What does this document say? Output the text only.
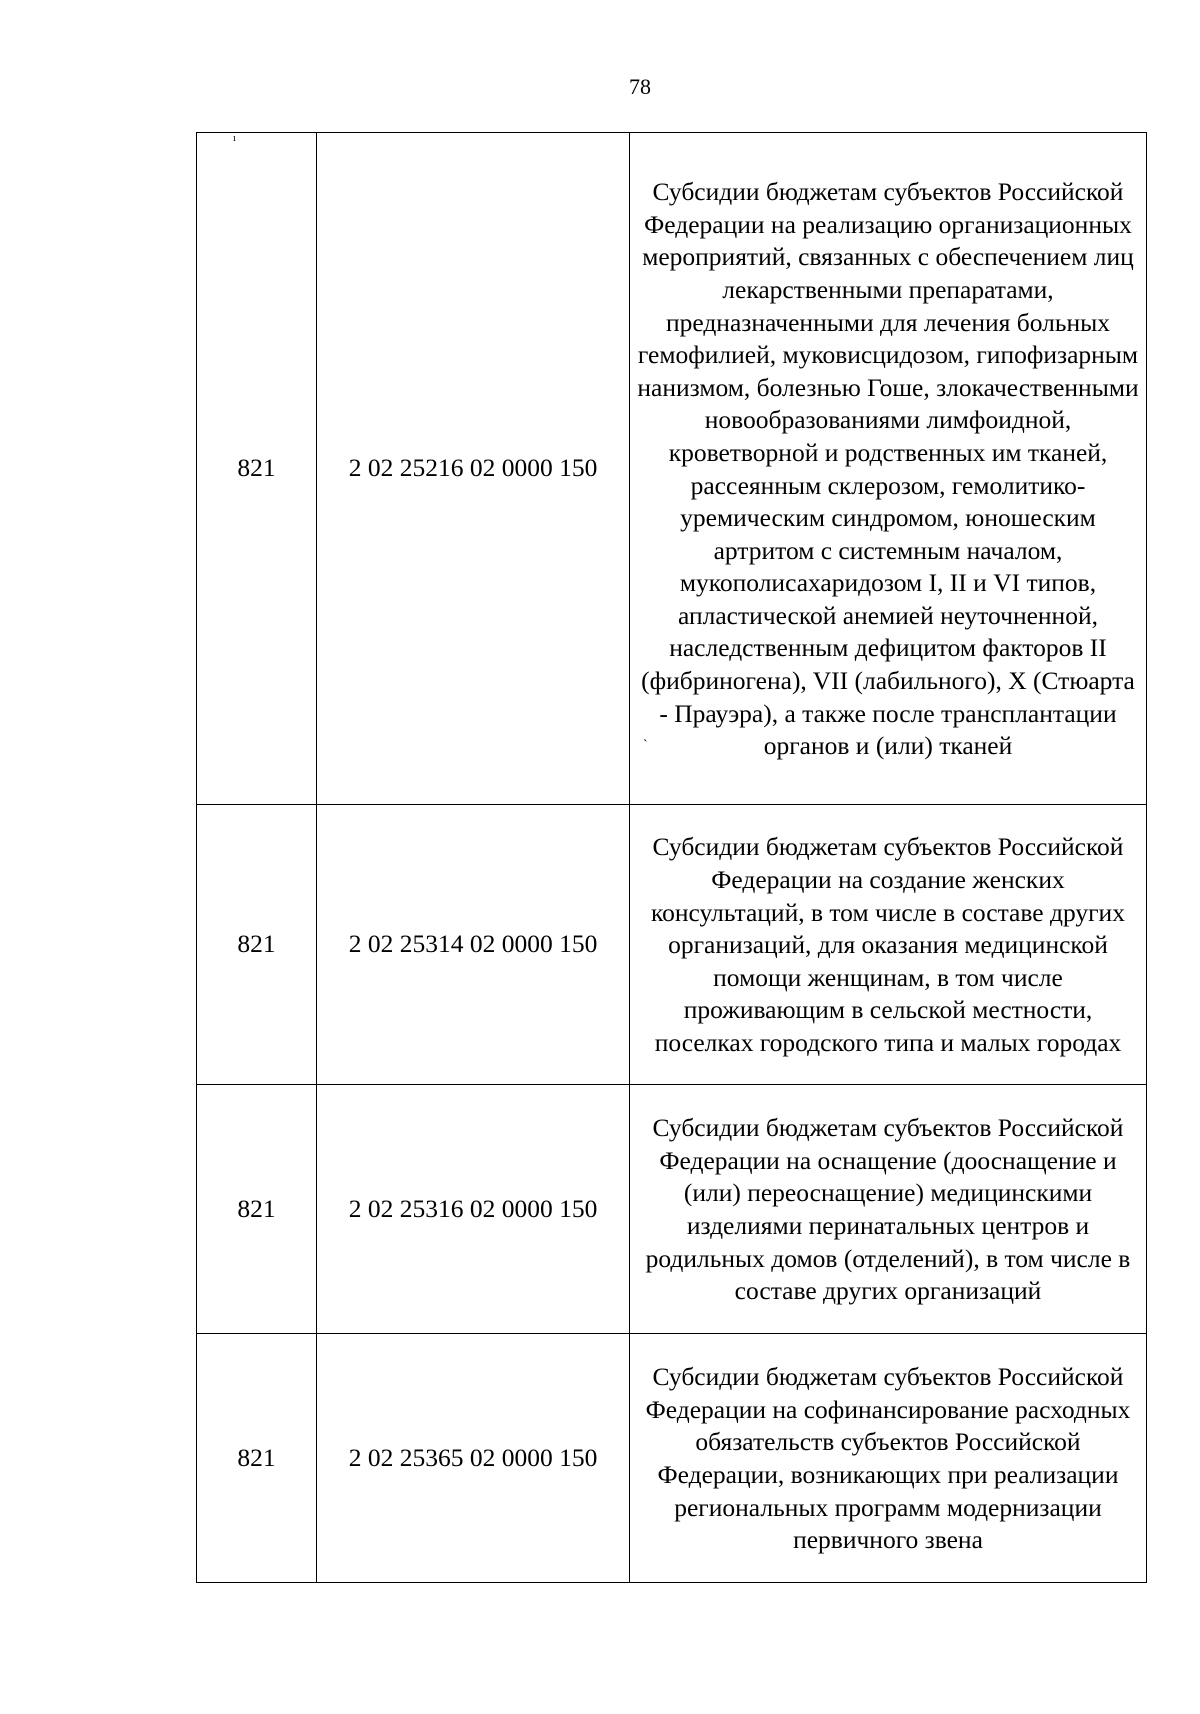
78
ı
`
821	2 02 25216 02 0000 150	Субсидии бюджетам субъектов Российской Федерации на реализацию организационных мероприятий, связанных с обеспечением лиц лекарственными препаратами, предназначенными для лечения больных гемофилией, муковисцидозом, гипофизарным нанизмом, болезнью Гоше, злокачественными новообразованиями лимфоидной, кроветворной и родственных им тканей, рассеянным склерозом, гемолитико-уремическим синдромом, юношеским артритом с системным началом, мукополисахаридозом I, II и VI типов, апластической анемией неуточненной, наследственным дефицитом факторов II (фибриногена), VII (лабильного), X (Стюарта - Прауэра), а также после трансплантации органов и (или) тканей

821	2 02 25314 02 0000 150	Субсидии бюджетам субъектов Российской Федерации на создание женских консультаций, в том числе в составе других организаций, для оказания медицинской помощи женщинам, в том числе проживающим в сельской местности, поселках городского типа и малых городах

821	2 02 25316 02 0000 150	Субсидии бюджетам субъектов Российской Федерации на оснащение (дооснащение и (или) переоснащение) медицинскими изделиями перинатальных центров и родильных домов (отделений), в том числе в составе других организаций

821	2 02 25365 02 0000 150	Субсидии бюджетам субъектов Российской Федерации на софинансирование расходных обязательств субъектов Российской Федерации, возникающих при реализации региональных программ модернизации первичного звена
